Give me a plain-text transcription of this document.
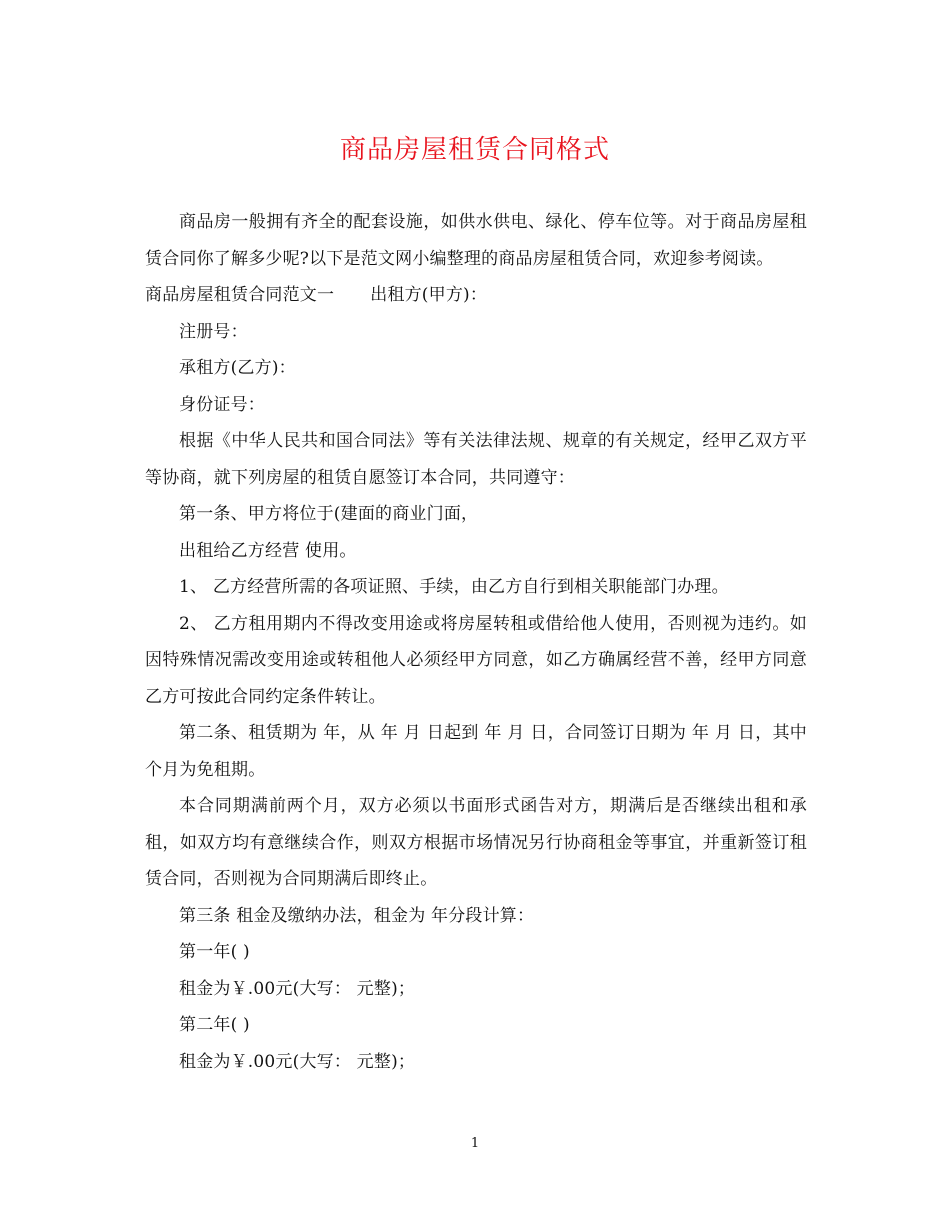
商品房屋租赁合同格式

商品房一般拥有齐全的配套设施，如供水供电、绿化、停车位等。对于商品房屋租赁合同你了解多少呢?以下是范文网小编整理的商品房屋租赁合同，欢迎参考阅读。

商品房屋租赁合同范文一 出租方(甲方)：

注册号：

承租方(乙方)：

身份证号：

根据《中华人民共和国合同法》等有关法律法规、规章的有关规定，经甲乙双方平等协商，就下列房屋的租赁自愿签订本合同，共同遵守：

第一条、甲方将位于(建面的商业门面，

出租给乙方经营 使用。

1、 乙方经营所需的各项证照、手续，由乙方自行到相关职能部门办理。

2、 乙方租用期内不得改变用途或将房屋转租或借给他人使用，否则视为违约。如因特殊情况需改变用途或转租他人必须经甲方同意，如乙方确属经营不善，经甲方同意乙方可按此合同约定条件转让。

第二条、租赁期为 年，从 年 月 日起到 年 月 日，合同签订日期为 年 月 日，其中 个月为免租期。

本合同期满前两个月，双方必须以书面形式函告对方，期满后是否继续出租和承租，如双方均有意继续合作，则双方根据市场情况另行协商租金等事宜，并重新签订租赁合同，否则视为合同期满后即终止。

第三条 租金及缴纳办法，租金为 年分段计算：

第一年( )

租金为￥.00元(大写： 元整)；

第二年( )

租金为￥.00元(大写： 元整)；

1
